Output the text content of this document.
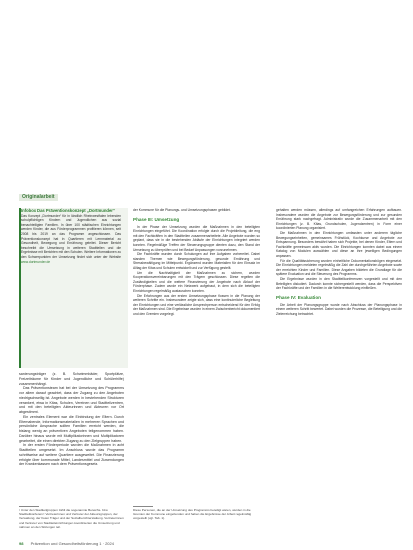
Originalarbeit
Infobox Das Präventionskonzept „Dortmunder“
Das Konzept „Dortmunder“ für in ländlich Rheinwestfalen lebenden schulpflichtigen Kindern und Jugendlichen aus sozial benachteiligten Familien. In über 100 städtischen Einrichtungen werden Kinder, die aus Förderprogrammen profitieren können, seit 2008 bis 2019 an das Programm angeschlossen. Das Präventionskonzept hat in Quartieren mit Lernmaterial zu Gesundheit, Bewegung und Ernährung geleitet. Dieser Bericht beschreibt die Umsetzung in weiteren Stadtteilen und die Ergebnisse mit Berichten mit den Schulen. Weitere Informationen zu den Schwerpunkten der Umsetzung findet sich unter der Website www.dortmunder.de

sanierungsträger (z. B. Schwimmbäder, Sportplätze, Freizeiträume für Kinder und Jugendliche und Schülerhilfe) zusammenhängt.

Das Präventionsteam hat bei der Umsetzung des Programms vor allem darauf geachtet, dass der Zugang zu den Angeboten niedrigschwellig ist. Angebote werden in bestehenden Strukturen verankert, etwa in Kitas, Schulen, Vereinen und Stadtteilzentren, und mit den beteiligten Akteurinnen und Akteuren vor Ort abgestimmt.

Ein zentrales Element war die Einbindung der Eltern. Durch Elternabende, Informationsmaterialien in mehreren Sprachen und persönliche Ansprache sollten Familien erreicht werden, die bislang wenig an präventiven Angeboten teilgenommen haben. Darüber hinaus wurde mit Multiplikatorinnen und Multiplikatoren gearbeitet, die einen direkten Zugang zu den Zielgruppen haben.

In der ersten Förderperiode wurden die Maßnahmen in acht Stadtteilen umgesetzt. Im Anschluss wurde das Programm schrittweise auf weitere Quartiere ausgeweitet. Die Finanzierung erfolgte über kommunale Mittel, Landesmittel und Zuwendungen der Krankenkassen nach dem Präventionsgesetz.

der Kommune für die Planungs- und Umsetzungsphasen gebildet.

Phase III: Umsetzung

In der Phase der Umsetzung wurden die Maßnahmen in den beteiligten Einrichtungen eingeführt. Die Koordination erfolgte durch die Projektleitung, die eng mit den Fachkräften in den Stadtteilen zusammenarbeitete. Alle Angebote wurden so geplant, dass sie in die bestehenden Abläufe der Einrichtungen integriert werden konnten. Regelmäßige Treffen der Steuerungsgruppe dienten dazu, den Stand der Umsetzung zu überprüfen und bei Bedarf Anpassungen vorzunehmen.

Die Fachkräfte wurden durch Schulungen auf ihre Aufgaben vorbereitet. Dabei standen Themen wie Bewegungsförderung, gesunde Ernährung und Stressbewältigung im Mittelpunkt. Ergänzend wurden Materialien für den Einsatz im Alltag der Kitas und Schulen entwickelt und zur Verfügung gestellt.

Um die Nachhaltigkeit der Maßnahmen zu sichern, wurden Kooperationsvereinbarungen mit den Trägern geschlossen. Diese regelten die Zuständigkeiten und die weitere Finanzierung der Angebote nach Ablauf der Förderphase. Zudem wurde ein Netzwerk aufgebaut, in dem sich die beteiligten Einrichtungen regelmäßig austauschen konnten.

Die Erfahrungen aus der ersten Umsetzungsphase flossen in die Planung der weiteren Schritte ein. Insbesondere zeigte sich, dass eine kontinuierliche Begleitung der Einrichtungen und eine verlässliche Ansprechperson entscheidend für den Erfolg der Maßnahmen sind. Die Ergebnisse wurden in einem Zwischenbericht dokumentiert und den Gremien vorgelegt.

gehalten werden müssen, allerdings auf umfangreichen Erfahrungen aufbauen. Insbesondere wurden die Angebote zur Bewegungsförderung und zur gesunden Ernährung stark nachgefragt. Administrativ wurde die Zusammenarbeit mit den Einrichtungen (z. B. Kitas, Grundschulen, Jugendzentren) in Form einer koordinierten Planung organisiert.

Die Maßnahmen in den Einrichtungen umfassten unter anderem tägliche Bewegungseinheiten, gemeinsames Frühstück, Kochkurse und Angebote zur Entspannung. Besonders bewährt haben sich Projekte, bei denen Kinder, Eltern und Fachkräfte gemeinsam aktiv wurden. Die Einrichtungen konnten dabei aus einem Katalog von Modulen auswählen und diese an ihre jeweiligen Bedingungen anpassen.

Für die Qualitätssicherung wurden einheitliche Dokumentationsbögen eingesetzt. Die Einrichtungen meldeten regelmäßig die Zahl der durchgeführten Angebote sowie der erreichten Kinder und Familien. Diese Angaben bildeten die Grundlage für die spätere Evaluation und die Steuerung des Programms.

Die Ergebnisse wurden in den Stadtteilkonferenzen vorgestellt und mit den Beteiligten diskutiert. Dadurch konnte sichergestellt werden, dass die Perspektiven der Fachkräfte und der Familien in die Weiterentwicklung einfließen.

Phase IV: Evaluation

Die Arbeit der Planungsgruppe wurde nach Abschluss der Planungsphase in einem weiteren Schritt bewertet. Dabei wurden die Prozesse, die Beteiligung und die Zielerreichung betrachtet.

¹ Unter den Stadtteilgruppen zählt die sogenannte Bereichs- bzw. Stadtteilkonferenz: Vertreterinnen und Vertreter der Akteursgruppen, der Verwaltung, der freien Träger und der Sozialberichterstattung. Vertreterinnen und Vertreter von Stadtteileinrichtungen koordinierten die Umsetzung und nahmen an den Sitzungen teil.
Diese Personen, die an der Umsetzung des Programms beteiligt waren, wurden in die Gremien der Kommune eingebunden und haben die Ergebnisse der Arbeit regelmäßig vorgestellt (vgl. Tab. 1).
98 Prävention und Gesundheitsförderung 1 · 2024
